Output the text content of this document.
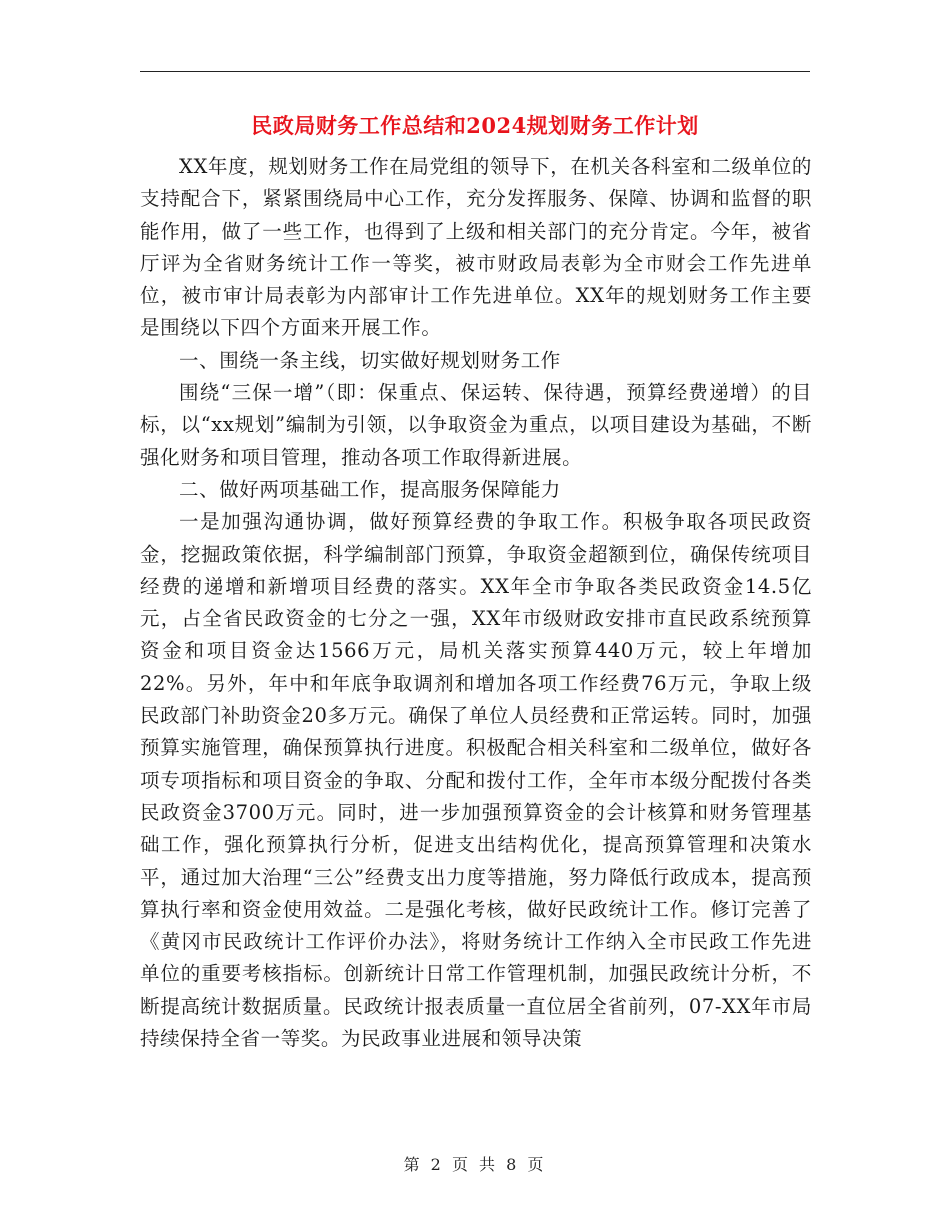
民政局财务工作总结和2024规划财务工作计划

XX年度，规划财务工作在局党组的领导下，在机关各科室和二级单位的支持配合下，紧紧围绕局中心工作，充分发挥服务、保障、协调和监督的职能作用，做了一些工作，也得到了上级和相关部门的充分肯定。今年，被省厅评为全省财务统计工作一等奖，被市财政局表彰为全市财会工作先进单位，被市审计局表彰为内部审计工作先进单位。XX年的规划财务工作主要是围绕以下四个方面来开展工作。

一、围绕一条主线，切实做好规划财务工作

围绕“三保一增”（即：保重点、保运转、保待遇，预算经费递增）的目标，以“xx规划”编制为引领，以争取资金为重点，以项目建设为基础，不断强化财务和项目管理，推动各项工作取得新进展。

二、做好两项基础工作，提高服务保障能力

一是加强沟通协调，做好预算经费的争取工作。积极争取各项民政资金，挖掘政策依据，科学编制部门预算，争取资金超额到位，确保传统项目经费的递增和新增项目经费的落实。XX年全市争取各类民政资金14.5亿元，占全省民政资金的七分之一强，XX年市级财政安排市直民政系统预算资金和项目资金达1566万元，局机关落实预算440万元，较上年增加22%。另外，年中和年底争取调剂和增加各项工作经费76万元，争取上级民政部门补助资金20多万元。确保了单位人员经费和正常运转。同时，加强预算实施管理，确保预算执行进度。积极配合相关科室和二级单位，做好各项专项指标和项目资金的争取、分配和拨付工作，全年市本级分配拨付各类民政资金3700万元。同时，进一步加强预算资金的会计核算和财务管理基础工作，强化预算执行分析，促进支出结构优化，提高预算管理和决策水平，通过加大治理“三公”经费支出力度等措施，努力降低行政成本，提高预算执行率和资金使用效益。二是强化考核，做好民政统计工作。修订完善了《黄冈市民政统计工作评价办法》，将财务统计工作纳入全市民政工作先进单位的重要考核指标。创新统计日常工作管理机制，加强民政统计分析，不断提高统计数据质量。民政统计报表质量一直位居全省前列，07-XX年市局持续保持全省一等奖。为民政事业进展和领导决策

第 2 页 共 8 页
